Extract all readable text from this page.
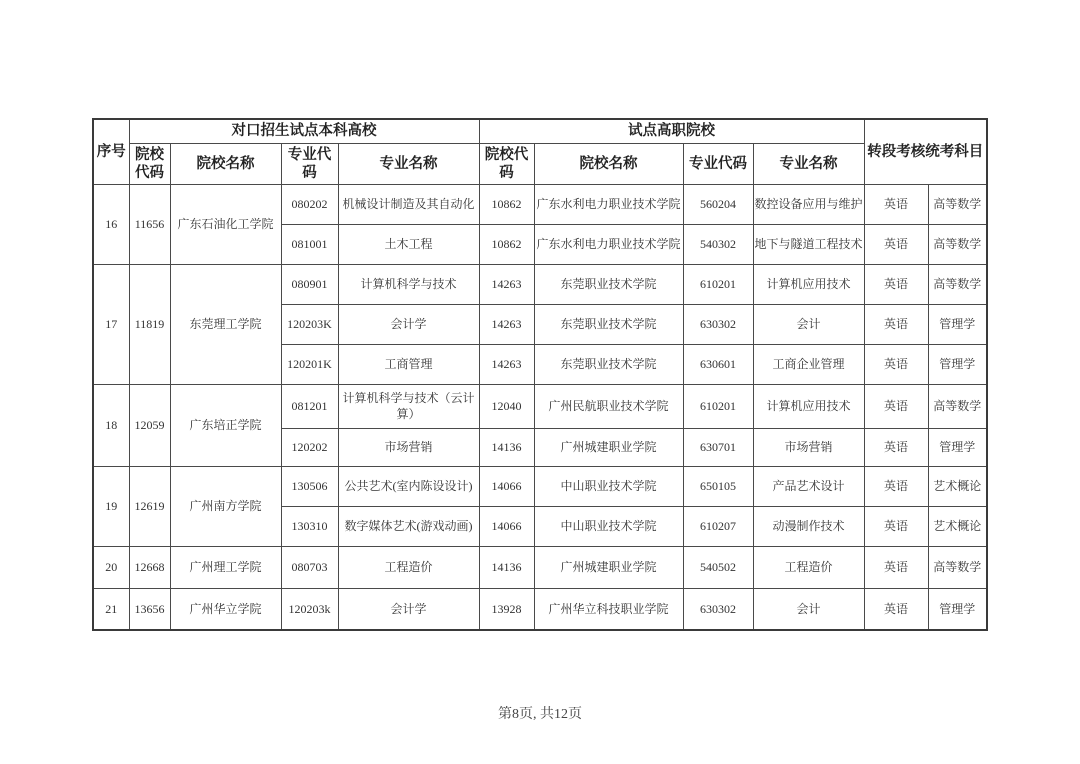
序号	对口招生试点本科高校				试点高职院校				转段考核统考科目	
	院校代码	院校名称	专业代码	专业名称	院校代码	院校名称	专业代码	专业名称		
16	11656	广东石油化工学院	080202	机械设计制造及其自动化	10862	广东水利电力职业技术学院	560204	数控设备应用与维护	英语	高等数学
			081001	土木工程	10862	广东水利电力职业技术学院	540302	地下与隧道工程技术	英语	高等数学
17	11819	东莞理工学院	080901	计算机科学与技术	14263	东莞职业技术学院	610201	计算机应用技术	英语	高等数学
			120203K	会计学	14263	东莞职业技术学院	630302	会计	英语	管理学
			120201K	工商管理	14263	东莞职业技术学院	630601	工商企业管理	英语	管理学
18	12059	广东培正学院	081201	计算机科学与技术（云计算）	12040	广州民航职业技术学院	610201	计算机应用技术	英语	高等数学
			120202	市场营销	14136	广州城建职业学院	630701	市场营销	英语	管理学
19	12619	广州南方学院	130506	公共艺术(室内陈设设计)	14066	中山职业技术学院	650105	产品艺术设计	英语	艺术概论
			130310	数字媒体艺术(游戏动画)	14066	中山职业技术学院	610207	动漫制作技术	英语	艺术概论
20	12668	广州理工学院	080703	工程造价	14136	广州城建职业学院	540502	工程造价	英语	高等数学
21	13656	广州华立学院	120203k	会计学	13928	广州华立科技职业学院	630302	会计	英语	管理学
第8页, 共12页
